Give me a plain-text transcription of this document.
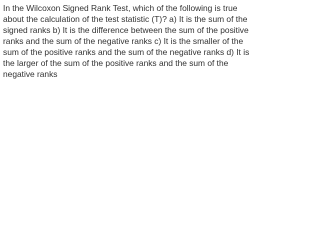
In the Wilcoxon Signed Rank Test, which of the following is true about the calculation of the test statistic (T)? a) It is the sum of the signed ranks b) It is the difference between the sum of the positive ranks and the sum of the negative ranks c) It is the smaller of the sum of the positive ranks and the sum of the negative ranks d) It is the larger of the sum of the positive ranks and the sum of the negative ranks
